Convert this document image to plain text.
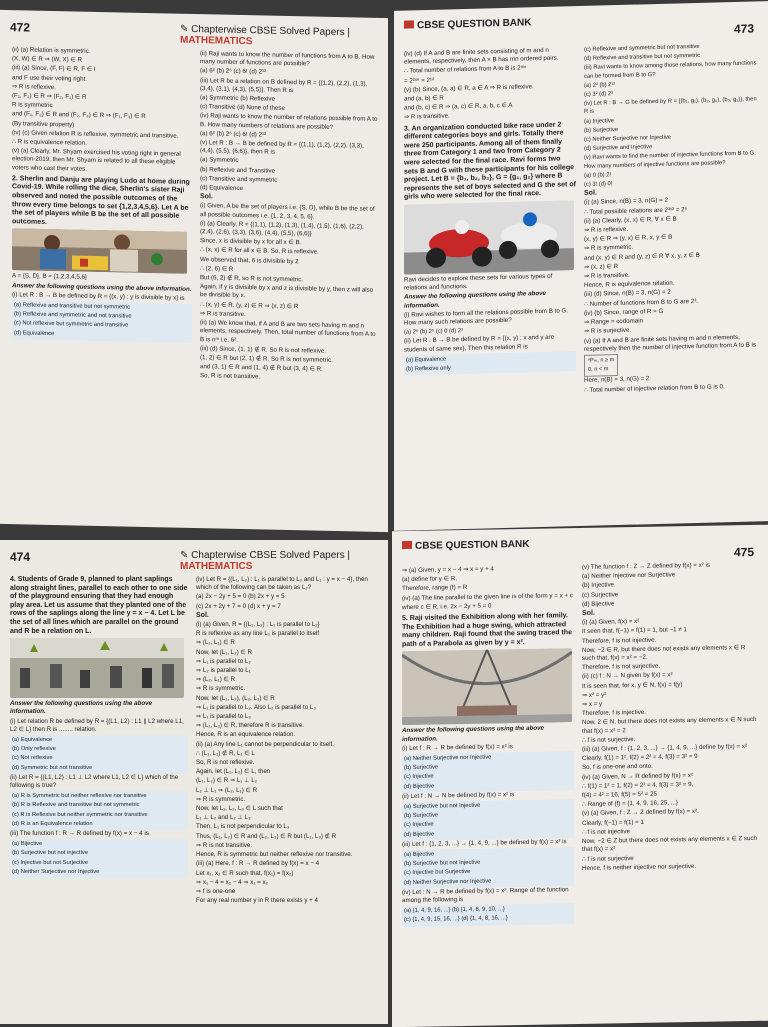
472	✎ Chapterwise CBSE Solved Papers | MATHEMATICS

(ii) (a) Relation is symmetric.

(X, W) ∈ R ⇒ (W, X) ∈ R

(iii) (a) Since, (F, F) ∈ R, F ∈ I

and F use their voting right.

⇒ R is reflexive.

(F₁, F₂) ∈ R ⇒ (F₂, F₁) ∈ R

R is symmetric

and (F₁, F₂) ∈ R and (F₂, F₃) ∈ R ⇒ (F₁, F₃) ∈ R

(By transitive property)

(iv) (c) Given relation R is reflexive, symmetric and transitive.

∴ R is equivalence relation.

(v) (a) Clearly, Mr. Shyam exercised his voting right in general election-2019, then Mr. Shyam is related to all these eligible voters who cast their votes.

2. Sherlin and Danju are playing Ludo at home during Covid-19. While rolling the dice, Sherlin's sister Raji observed and noted the possible outcomes of the throw every time belongs to set {1,2,3,4,5,6}. Let A be the set of players while B be the set of all possible outcomes.

A = {S, D}, B = {1,2,3,4,5,6}

Answer the following questions using the above information.

(i) Let R : B → B be defined by R = {(x, y) : y is divisible by x} is

(a) Reflexive and transitive but not symmetric

(b) Reflexive and symmetric and not transitive

(c) Not reflexive but symmetric and transitive

(d) Equivalence

(ii) Raji wants to know the number of functions from A to B. How many number of functions are possible?

(a) 6² (b) 2⁶ (c) 6! (d) 2¹²

(iii) Let R be a relation on B defined by R = {(1,2), (2,2), (1,3), (3,4), (3,1), (4,3), (5,5)}. Then R is

(a) Symmetric (b) Reflexive

(c) Transitive (d) None of these

(iv) Raji wants to know the number of relations possible from A to B. How many numbers of relations are possible?

(a) 6² (b) 2⁶ (c) 6! (d) 2¹²

(v) Let R : B → B be defined by R = {(1,1), (1,2), (2,2), (3,3), (4,4), (5,5), (6,6)}, then R is

(a) Symmetric

(b) Reflexive and Transitive

(c) Transitive and symmetric

(d) Equivalence

Sol.

(i) Given, A be the set of players i.e. {S, D}, while B be the set of all possible outcomes i.e. {1, 2, 3, 4, 5, 6}.

(i) (a) Clearly, R = {(1,1), (1,2), (1,3), (1,4), (1,5), (1,6), (2,2), (2,4), (2,6), (3,3), (3,6), (4,4), (5,5), (6,6)}

Since, x is divisible by x for all x ∈ B.

∴ (x, x) ∈ R for all x ∈ B. So, R is reflexive.

We observed that, 6 is divisible by 2

∴ (2, 6) ∈ R

But (6, 2) ∉ R, so R is not symmetric.

Again, if y is divisible by x and z is divisible by y, then z will also be divisible by x.

∴ (x, y) ∈ R, (y, z) ∈ R ⇒ (x, z) ∈ R

⇒ R is transitive.

(ii) (a) We know that, if A and B are two sets having m and n elements, respectively. Then, total number of functions from A to B is nᵐ i.e. 6².

(iii) (d) Since, (1, 1) ∉ R. So R is not reflexive.

(1, 2) ∈ R but (2, 1) ∉ R. So R is not symmetric.

and (3, 1) ∈ R and (1, 4) ∉ R but (3, 4) ∈ R.

So, R is not transitive.

CBSE QUESTION BANK	473

(iv) (d) If A and B are finite sets consisting of m and n elements, respectively, then A × B has mn ordered pairs.

∴ Total number of relations from A to B is 2ᵐⁿ

= 2²ˣ⁶ = 2¹²

(v) (b) Since, (a, a) ∈ R, a ∈ A ⇒ R is reflexive.

and (a, b) ∈ R

and (b, c) ∈ R ⇒ (a, c) ∈ R, a, b, c ∈ A

⇒ R is transitive.

3. An organization conducted bike race under 2 different categories boys and girls. Totally there were 250 participants. Among all of them finally three from Category 1 and two from Category 2 were selected for the final race. Ravi forms two sets B and G with these participants for his college project. Let B = {b₁, b₂, b₃}, G = {g₁, g₂} where B represents the set of boys selected and G the set of girls who were selected for the final race.

Ravi decides to explore these sets for various types of relations and functions.

Answer the following questions using the above information.

(i) Ravi wishes to form all the relations possible from B to G. How many such relations are possible?

(a) 2⁶ (b) 2⁵ (c) 0 (d) 2³

(ii) Let R : B → B be defined by R = {(x, y) : x and y are students of same sex}, Then this relation R is

(a) Equivalence

(b) Reflexive only

(c) Reflexive and symmetric but not transitive

(d) Reflexive and transitive but not symmetric

(iii) Ravi wants to know among those relations, how many functions can be formed from B to G?

(a) 2² (b) 2¹²

(c) 3² (d) 2³

(iv) Let R : B → G be defined by R = {(b₁, g₁), (b₂, g₂), (b₃, g₁)}, then R is

(a) Injective

(b) Surjective

(c) Neither Surjective nor Injective

(d) Surjective and Injective

(v) Ravi wants to find the number of injective functions from B to G. How many numbers of injective functions are possible?

(a) 0 (b) 2!

(c) 3! (d) 0!

Sol.

(i) (a) Since, n(B) = 3, n(G) = 2

∴ Total possible relations are 2³ˣ² = 2⁶

(ii) (a) Clearly, (x, x) ∈ R, ∀ x ∈ B

⇒ R is reflexive.

(x, y) ∈ R ⇒ (y, x) ∈ R, x, y ∈ B

⇒ R is symmetric.

and (x, y) ∈ R and (y, z) ∈ R ∀ x, y, z ∈ B

⇒ (x, z) ∈ R

⇒ R is transitive.

Hence, R is equivalence relation.

(iii) (d) Since, n(B) = 3, n(G) = 2

∴ Number of functions from B to G are 2³.

(iv) (b) Since, range of R = G

⇒ Range = codomain

⇒ R is surjective.

(v) (a) If A and B are finite sets having m and n elements, respectively then the number of injective function from A to B is

ⁿPₘ, n ≥ m

0, n < m

Here, n(B) = 3, n(G) = 2

∴ Total number of injective relation from B to G is 0.

474	✎ Chapterwise CBSE Solved Papers | MATHEMATICS

4. Students of Grade 9, planned to plant saplings along straight lines, parallel to each other to one side of the playground ensuring that they had enough play area. Let us assume that they planted one of the rows of the saplings along the line y = x − 4. Let L be the set of all lines which are parallel on the ground and R be a relation on L.

Answer the following questions using the above information.

(i) Let relation R be defined by R = {(L1, L2) : L1 ∥ L2 where L1, L2 ∈ L} then R is ........ relation.

(a) Equivalence

(b) Only reflexive

(c) Not reflexive

(d) Symmetric but not transitive

(ii) Let R = {(L1, L2) : L1 ⊥ L2 where L1, L2 ∈ L} which of the following is true?

(a) R is Symmetric but neither reflexive nor transitive

(b) R is Reflexive and transitive but not symmetric

(c) R is Reflexive but neither symmetric nor transitive

(d) R is an Equivalence relation

(iii) The function f : R → R defined by f(x) = x − 4 is

(a) Bijective

(b) Surjective but not injective

(c) Injective but not Surjective

(d) Neither Surjective nor Injective

(iv) Let R = {(L₁, L₂) : L₁ is parallel to L₂ and L₁ : y = x − 4}, then which of the following can be taken as L₂?

(a) 2x − 2y + 5 = 0 (b) 2x + y = 5

(c) 2x + 2y + 7 = 0 (d) x + y = 7

Sol.

(i) (a) Given, R = {(L₁, L₂) : L₁ is parallel to L₂}

R is reflexive as any line L₁ is parallel to itself

⇒ (L₁, L₁) ∈ R

Now, let (L₁, L₂) ∈ R

⇒ L₁ is parallel to L₂

⇒ L₂ is parallel to L₁

⇒ (L₂, L₁) ∈ R

⇒ R is symmetric.

Now, let (L₁, L₂), (L₂, L₃) ∈ R

⇒ L₁ is parallel to L₂. Also L₂ is parallel to L₃

⇒ L₁ is parallel to L₃

⇒ (L₁, L₃) ∈ R, therefore R is transitive.

Hence, R is an equivalence relation.

(ii) (a) Any line L₁ cannot be perpendicular to itself.

∴ (L₁, L₁) ∉ R, L₁ ∈ L

So, R is not reflexive.

Again, let (L₁, L₂) ∈ L, then

(L₁, L₂) ∈ R ⇒ L₁ ⊥ L₂

L₂ ⊥ L₁ ⇒ (L₂, L₁) ∈ R

⇒ R is symmetric.

Now, let L₁, L₂, L₃ ∈ L such that

L₁ ⊥ L₂ and L₂ ⊥ L₃

Then, L₁ is not perpendicular to L₃

Thus, (L₁, L₂) ∈ R and (L₂, L₃) ∈ R but (L₁, L₃) ∉ R

⇒ R is not transitive.

Hence, R is symmetric but neither reflexive nor transitive.

(iii) (a) Here, f : R → R defined by f(x) = x − 4

Let x₁, x₂ ∈ R such that, f(x₁) = f(x₂)

⇒ x₁ − 4 = x₂ − 4 ⇒ x₁ = x₂

⇒ f is one-one

For any real number y in R there exists y + 4

CBSE QUESTION BANK	475

⇒ (a) Given, y = x − 4 ⇒ x = y + 4

(a) define for y ∈ R,

Therefore, range (f) = R

(iv) (a) The line parallel to the given line is of the form y = x + c

where c ∈ R, i.e. 2x − 2y + 5 = 0

5. Raji visited the Exhibition along with her family. The Exhibition had a huge swing, which attracted many children. Raji found that the swing traced the path of a Parabola as given by y = x².

Answer the following questions using the above information.

(i) Let f : R → R be defined by f(x) = x² is

(a) Neither Surjective nor Injective

(b) Surjective

(c) Injective

(d) Bijective

(ii) Let f : N → N be defined by f(x) = x² is

(a) Surjective but not Injective

(b) Surjective

(c) Injective

(d) Bijective

(iii) Let f : {1, 2, 3, ...} → {1, 4, 9, ...} be defined by f(x) = x² is

(a) Bijective

(b) Surjective but not Injective

(c) Injective but Surjective

(d) Neither Surjective nor Injective

(iv) Let : N → R be defined by f(x) = x². Range of the function among the following is

(a) {1, 4, 9, 16, ...} (b) {1, 4, 8, 9, 10, ...}

(c) {1, 4, 9, 15, 16, ...} (d) {1, 4, 8, 16, ...}

(v) The function f : Z → Z defined by f(x) = x² is

(a) Neither Injective nor Surjective

(b) Injective

(c) Surjective

(d) Bijective

Sol.

(i) (a) Given, f(x) = x²

It seen that, f(−1) = f(1) = 1, but −1 ≠ 1

Therefore, f is not injective.

Now, −2 ∈ R, but there does not exists any elements x ∈ R such that, f(x) = x² = −2.

Therefore, f is not surjective.

(ii) (c) f : N → N given by f(x) = x²

It is seen that, for x, y ∈ N, f(x) = f(y)

⇒ x² = y²

⇒ x = y

Therefore, f is injective.

Now, 2 ∈ N, but there does not exists any elements x ∈ N such that f(x) = x² = 2

∴ f is not surjective.

(iii) (a) Given, f : {1, 2, 3, ...} → {1, 4, 9, ...} define by f(x) = x²

Clearly, f(1) = 1², f(2) = 2² = 4, f(3) = 3² = 9

So, f is one-one and onto.

(iv) (a) Given, N → R defined by f(x) = x²

∴ f(1) = 1² = 1, f(2) = 2² = 4, f(3) = 3² = 9,

f(4) = 4² = 16, f(5) = 5² = 25

∴ Range of (f) = {1, 4, 9, 16, 25, ...}

(v) (a) Given, f : Z → Z defined by f(x) = x².

Clearly, f(−1) = f(1) = 1

∴ f is not injective

Now, −2 ∈ Z but there does not exists any elements x ∈ Z such that f(x) = x²

∴ f is not surjective

Hence, f is neither injective nor surjective.
